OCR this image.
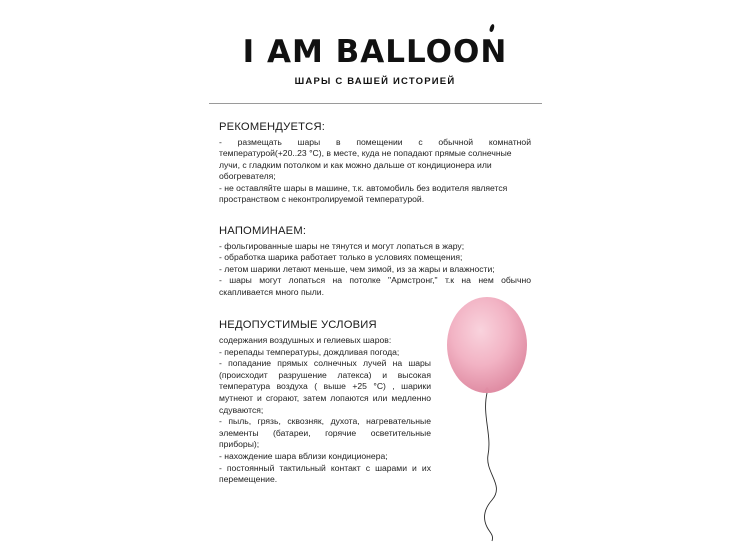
I AM BALLOON
ШАРЫ С ВАШЕЙ ИСТОРИЕЙ
РЕКОМЕНДУЕТСЯ:
- размещать шары в помещении с обычной комнатной
температурой(+20..23 °С), в месте, куда не попадают прямые солнечные
лучи, с гладким потолком и как можно дальше от кондиционера или
обогревателя;
- не оставляйте шары в машине, т.к. автомобиль без водителя является
пространством с неконтролируемой температурой.
НАПОМИНАЕМ:
- фольгированные шары не тянутся и могут лопаться в жару;
- обработка шарика работает только в условиях помещения;
- летом шарики летают меньше, чем зимой, из за жары и влажности;
- шары могут лопаться на потолке "Армстронг," т.к на нем обычно
скапливается много пыли.
НЕДОПУСТИМЫЕ УСЛОВИЯ
содержания воздушных и гелиевых шаров:
- перепады температуры, дождливая погода;
- попадание прямых солнечных лучей на шары
(происходит разрушение латекса) и высокая
температура воздуха ( выше +25 °С) , шарики
мутнеют и сгорают, затем лопаются или медленно
сдуваются;
- пыль, грязь, сквозняк, духота, нагревательные
элементы (батареи, горячие осветительные
приборы);
- нахождение шара вблизи кондиционера;
- постоянный тактильный контакт с шарами и их
перемещение.
